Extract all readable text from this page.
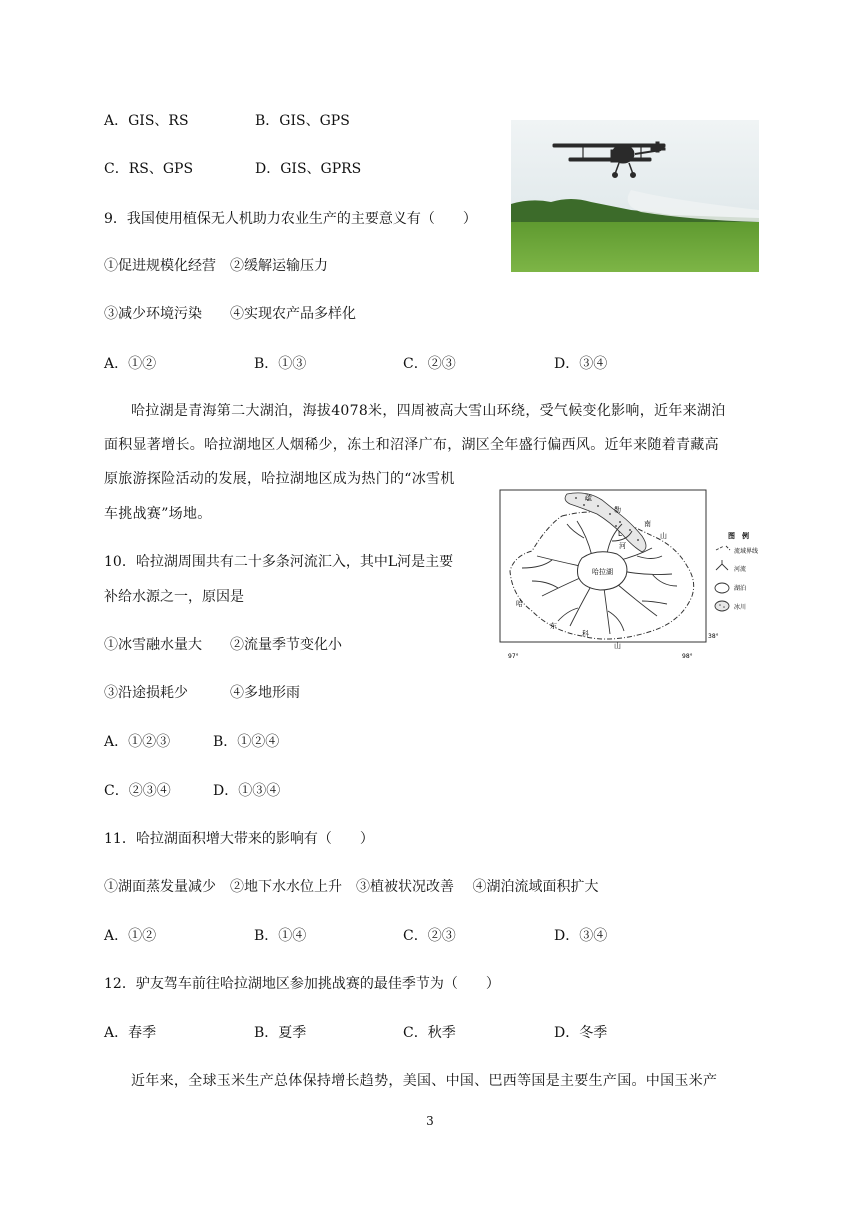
A．GIS、RS	B．GIS、GPS
C．RS、GPS	D．GIS、GPRS
9．我国使用植保无人机助力农业生产的主要意义有（　　）
①促进规模化经营　②缓解运输压力
③减少环境污染　　④实现农产品多样化
A．①②	B．①③	C．②③	D．③④
哈拉湖是青海第二大湖泊，海拔4078米，四周被高大雪山环绕，受气候变化影响，近年来湖泊
面积显著增长。哈拉湖地区人烟稀少，冻土和沼泽广布，湖区全年盛行偏西风。近年来随着青藏高
原旅游探险活动的发展，哈拉湖地区成为热门的“冰雪机
车挑战赛”场地。
哈拉湖
疏
勒
南
山
L
河
哈
东
科
山
97°	98°
38°
图　例
流域界线
河流
湖泊
冰川
10．哈拉湖周围共有二十多条河流汇入，其中L河是主要
补给水源之一，原因是
①冰雪融水量大　　②流量季节变化小
③沿途损耗少　　　④多地形雨
A．①②③	B．①②④
C．②③④	D．①③④
11．哈拉湖面积增大带来的影响有（　　）
①湖面蒸发量减少　②地下水水位上升　③植被状况改善　 ④湖泊流域面积扩大
A．①②	B．①④	C．②③	D．③④
12．驴友驾车前往哈拉湖地区参加挑战赛的最佳季节为（　　）
A．春季	B．夏季	C．秋季	D．冬季
近年来，全球玉米生产总体保持增长趋势，美国、中国、巴西等国是主要生产国。中国玉米产
3
